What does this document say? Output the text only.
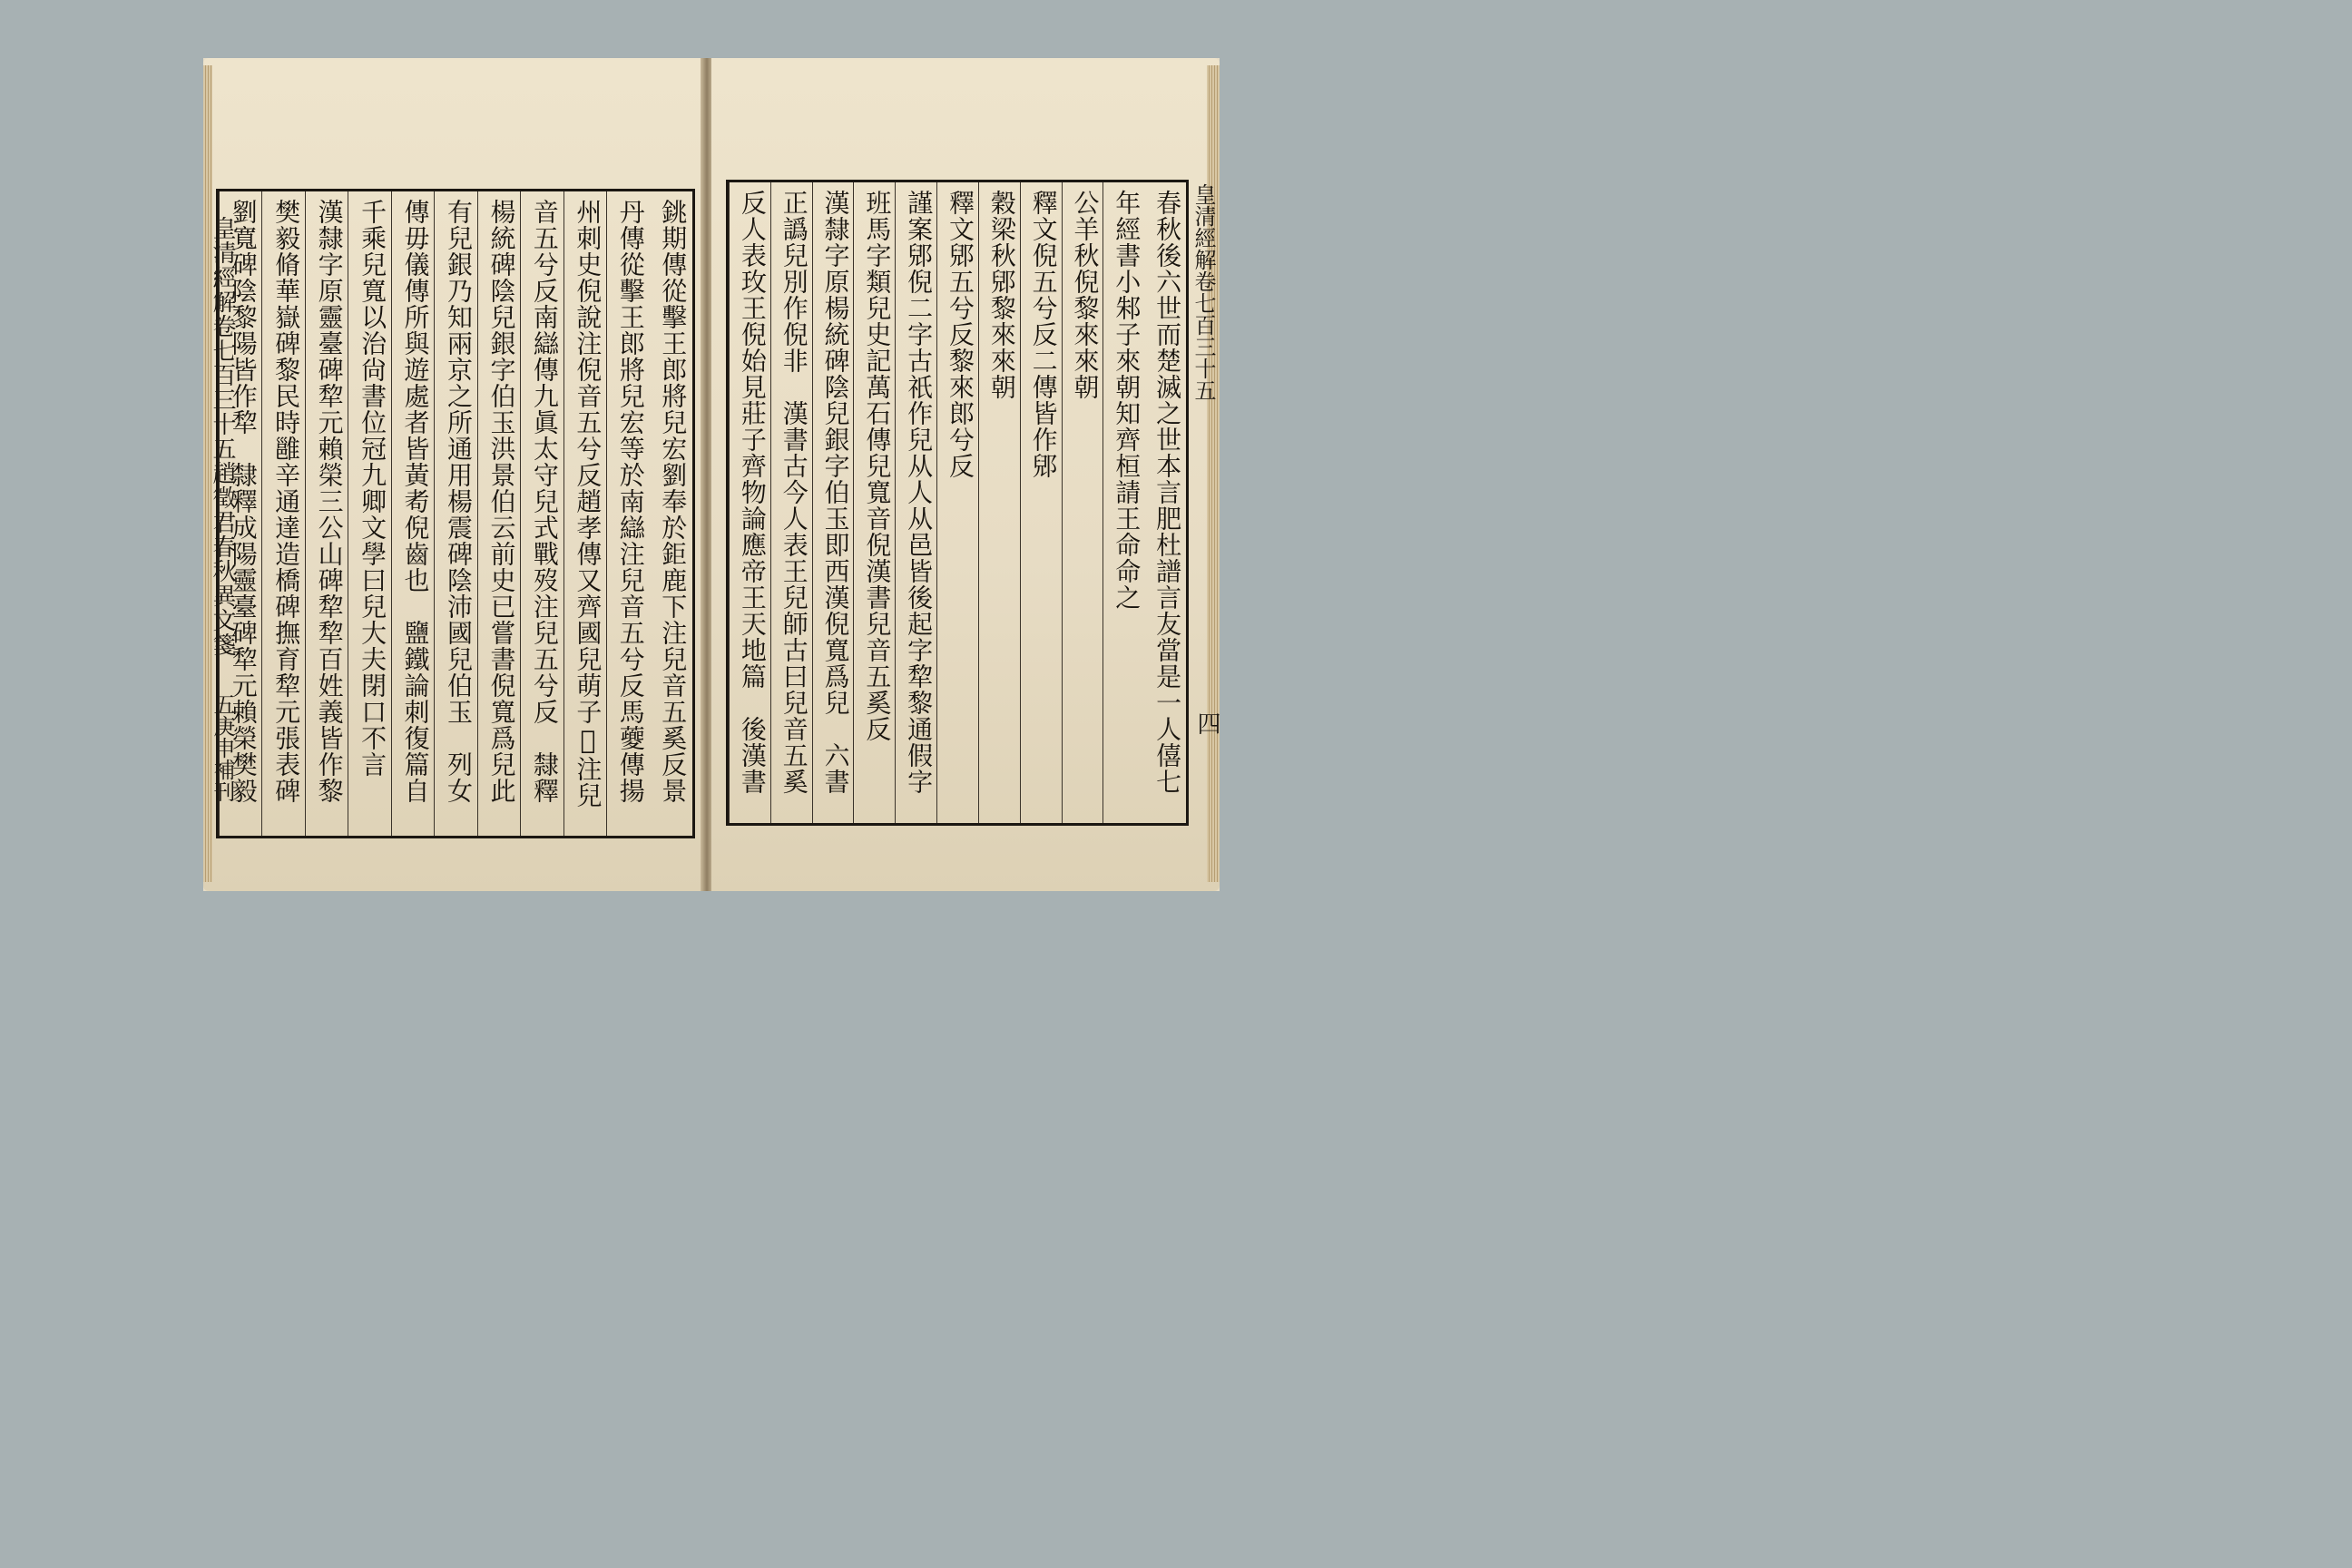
皇清經解卷七百三十五趙徵君春秋異文箋
五庚申補刊	銚期傳從擊王郎將兒宏劉奉於鉅鹿下注兒音五奚反景
丹傳從擊王郎將兒宏等於南䜌注兒音五兮反馬䕫傳揚
州刺史倪說注倪音五兮反趙孝傳又齊國兒萌子𠰩注兒
音五兮反南䜌傳九眞太守兒式戰歿注兒五兮反　隸釋
楊統碑陰兒銀字伯玉洪景伯云前史已嘗書倪寬爲兒此
有兒銀乃知兩京之所通用楊震碑陰沛國兒伯玉　列女
傳毋儀傳所與遊處者皆黃耇倪齒也　鹽鐵論刺復篇自
千乘兒寬以治尙書位冠九卿文學曰兒大夫閉口不言
漢隸字原靈臺碑犂元賴榮三公山碑犂犂百姓義皆作黎
樊毅脩華嶽碑黎民時雝辛通達造橋碑撫育犂元張表碑
劉寬碑陰黎陽皆作犂　隸釋成陽靈臺碑犂元賴榮樊毅	春秋後六世而楚滅之世本言肥杜譜言友當是一人僖七
年經書小邾子來朝知齊桓請王命命之
公羊秋倪黎來來朝
釋文倪五兮反二傳皆作郳
穀梁秋郳黎來來朝
釋文郳五兮反黎來郎兮反
謹案郳倪二字古祇作兒从人从邑皆後起字犂黎通假字
班馬字類兒史記萬石傳兒寬音倪漢書兒音五奚反
漢隸字原楊統碑陰兒銀字伯玉即西漢倪寬爲兒　六書
正譌兒別作倪非　漢書古今人表王兒師古曰兒音五奚
反人表玫王倪始見莊子齊物論應帝王天地篇　後漢書	皇清經解卷七百三十五
四
